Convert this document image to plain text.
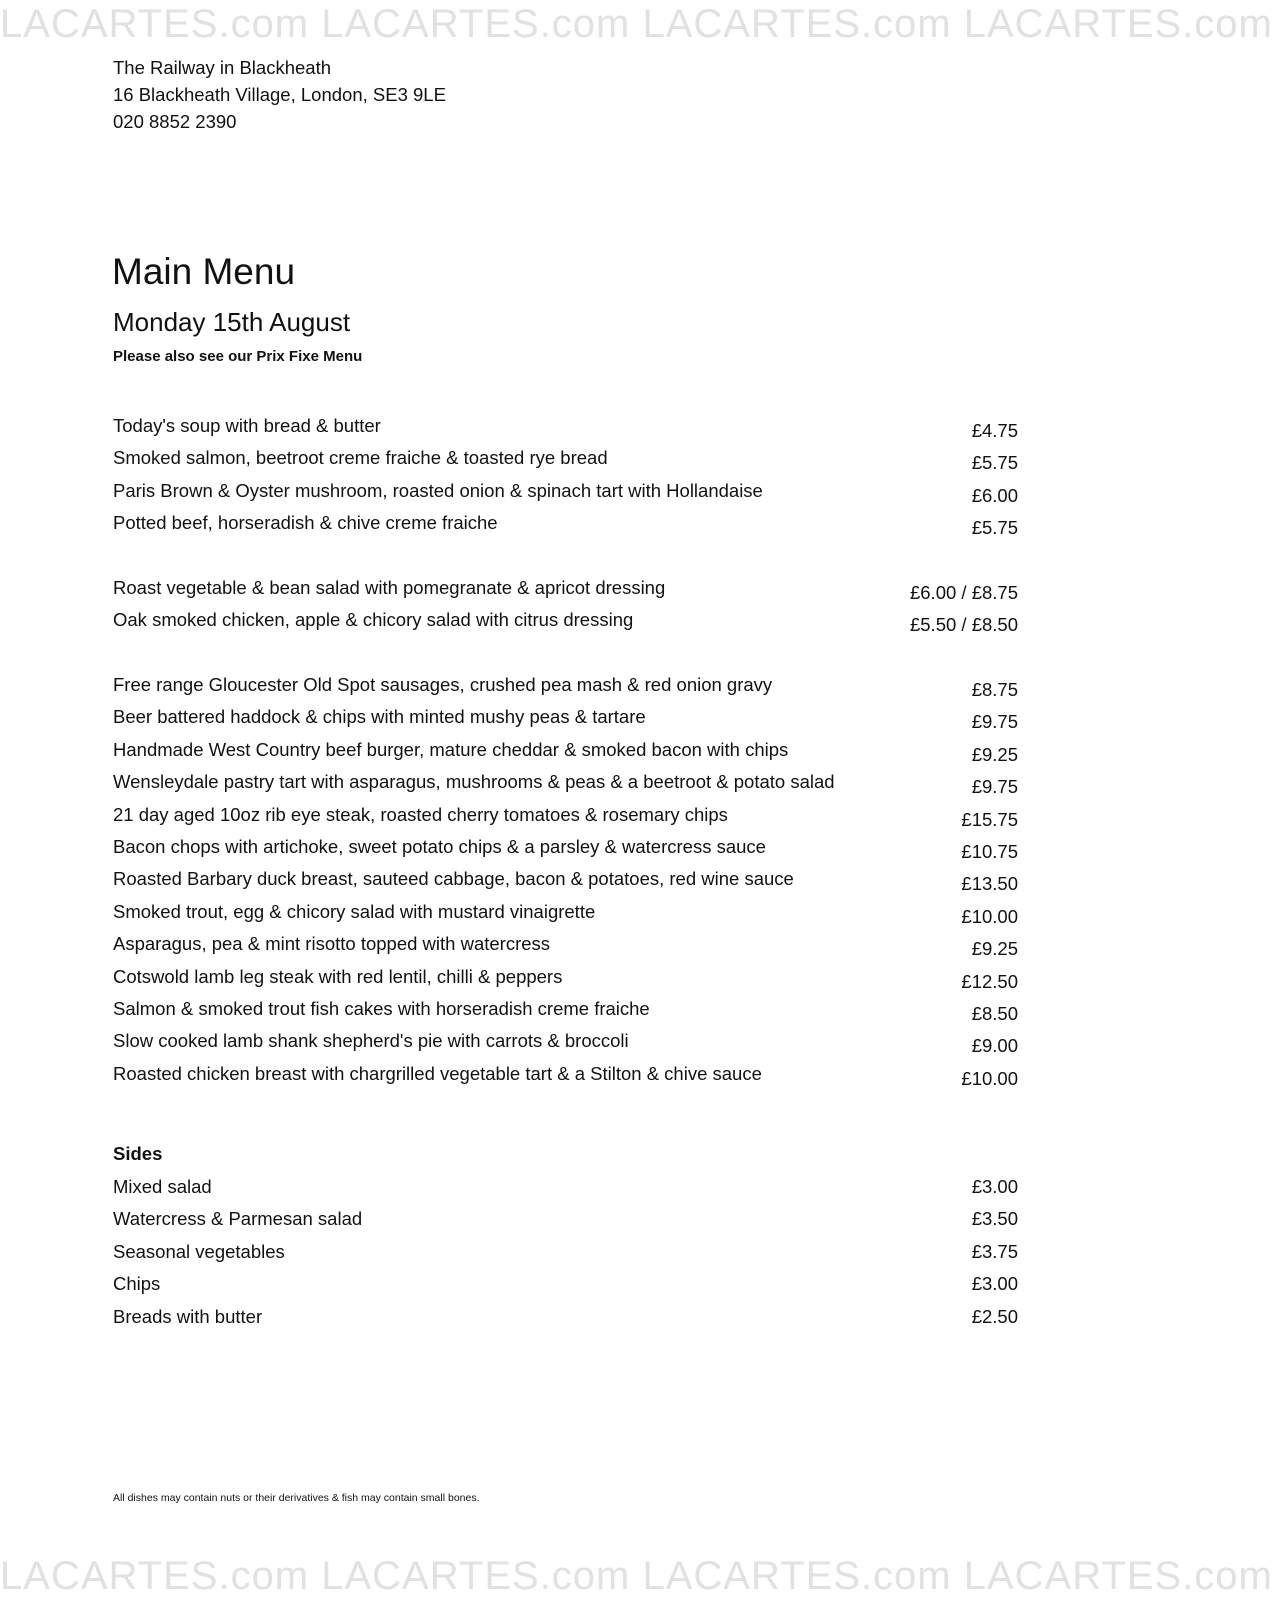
LACARTES.com LACARTES.com LACARTES.com LACARTES.com
The Railway in Blackheath
16 Blackheath Village, London, SE3 9LE
020 8852 2390
Main Menu
Monday 15th August
Please also see our Prix Fixe Menu
Today's soup with bread & butter	£4.75
Smoked salmon, beetroot creme fraiche & toasted rye bread	£5.75
Paris Brown & Oyster mushroom, roasted onion & spinach tart with Hollandaise	£6.00
Potted beef, horseradish & chive creme fraiche	£5.75
Roast vegetable & bean salad with pomegranate & apricot dressing	£6.00 / £8.75
Oak smoked chicken, apple & chicory salad with citrus dressing	£5.50 / £8.50
Free range Gloucester Old Spot sausages, crushed pea mash & red onion gravy	£8.75
Beer battered haddock & chips with minted mushy peas & tartare	£9.75
Handmade West Country beef burger, mature cheddar & smoked bacon with chips	£9.25
Wensleydale pastry tart with asparagus, mushrooms & peas & a beetroot & potato salad	£9.75
21 day aged 10oz rib eye steak, roasted cherry tomatoes & rosemary chips	£15.75
Bacon chops with artichoke, sweet potato chips & a parsley & watercress sauce	£10.75
Roasted Barbary duck breast, sauteed cabbage, bacon & potatoes, red wine sauce	£13.50
Smoked trout, egg & chicory salad with mustard vinaigrette	£10.00
Asparagus, pea & mint risotto topped with watercress	£9.25
Cotswold lamb leg steak with red lentil, chilli & peppers	£12.50
Salmon & smoked trout fish cakes with horseradish creme fraiche	£8.50
Slow cooked lamb shank shepherd's pie with carrots & broccoli	£9.00
Roasted chicken breast with chargrilled vegetable tart & a Stilton & chive sauce	£10.00
Sides
Mixed salad	£3.00
Watercress & Parmesan salad	£3.50
Seasonal vegetables	£3.75
Chips	£3.00
Breads with butter	£2.50
All dishes may contain nuts or their derivatives & fish may contain small bones.
LACARTES.com LACARTES.com LACARTES.com LACARTES.com
